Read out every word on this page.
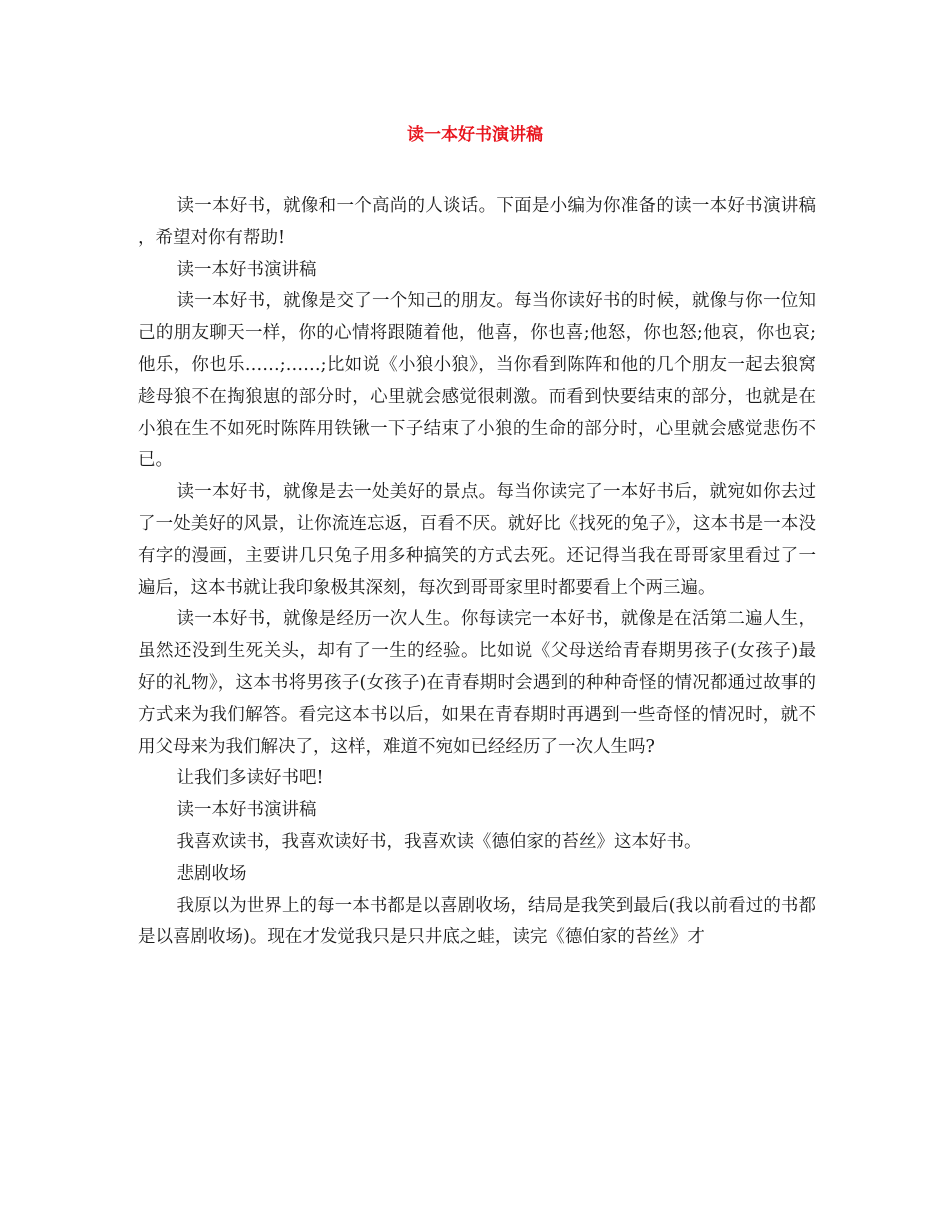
读一本好书演讲稿

读一本好书，就像和一个高尚的人谈话。下面是小编为你准备的读一本好书演讲稿，希望对你有帮助!

读一本好书演讲稿

读一本好书，就像是交了一个知己的朋友。每当你读好书的时候，就像与你一位知己的朋友聊天一样，你的心情将跟随着他，他喜，你也喜;他怒，你也怒;他哀，你也哀;他乐，你也乐……;……;比如说《小狼小狼》，当你看到陈阵和他的几个朋友一起去狼窝趁母狼不在掏狼崽的部分时，心里就会感觉很刺激。而看到快要结束的部分，也就是在小狼在生不如死时陈阵用铁锹一下子结束了小狼的生命的部分时，心里就会感觉悲伤不已。

读一本好书，就像是去一处美好的景点。每当你读完了一本好书后，就宛如你去过了一处美好的风景，让你流连忘返，百看不厌。就好比《找死的兔子》，这本书是一本没有字的漫画，主要讲几只兔子用多种搞笑的方式去死。还记得当我在哥哥家里看过了一遍后，这本书就让我印象极其深刻，每次到哥哥家里时都要看上个两三遍。

读一本好书，就像是经历一次人生。你每读完一本好书，就像是在活第二遍人生，虽然还没到生死关头，却有了一生的经验。比如说《父母送给青春期男孩子(女孩子)最好的礼物》，这本书将男孩子(女孩子)在青春期时会遇到的种种奇怪的情况都通过故事的方式来为我们解答。看完这本书以后，如果在青春期时再遇到一些奇怪的情况时，就不用父母来为我们解决了，这样，难道不宛如已经经历了一次人生吗?

让我们多读好书吧!

读一本好书演讲稿

我喜欢读书，我喜欢读好书，我喜欢读《德伯家的苔丝》这本好书。

悲剧收场

我原以为世界上的每一本书都是以喜剧收场，结局是我笑到最后(我以前看过的书都是以喜剧收场)。现在才发觉我只是只井底之蛙，读完《德伯家的苔丝》才
